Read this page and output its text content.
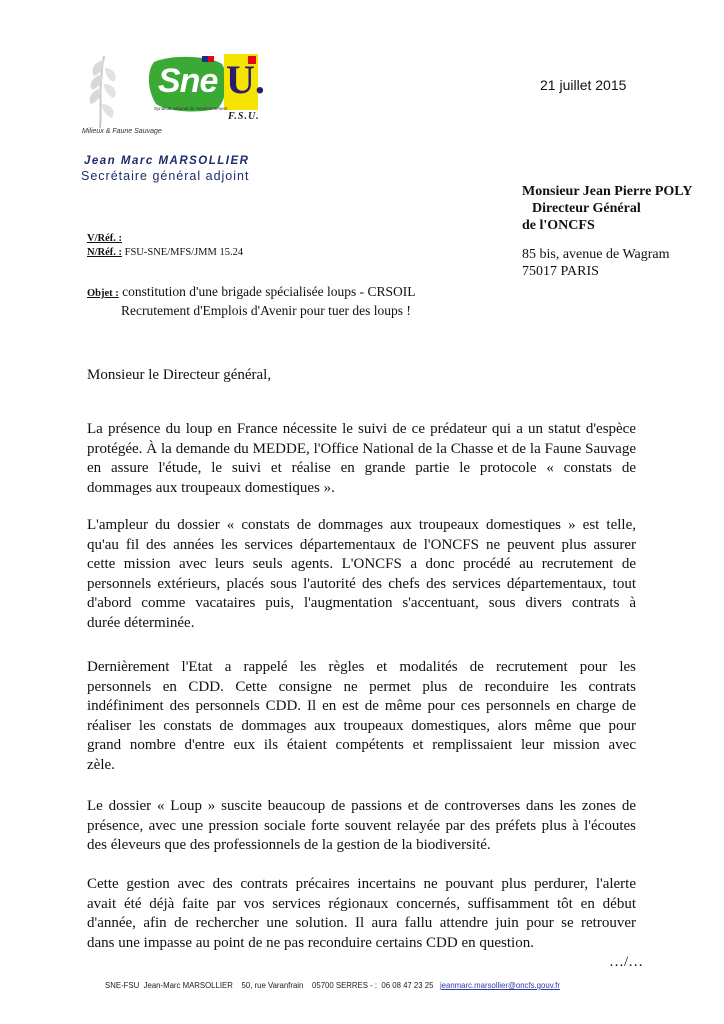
Sne U.
Syndicat national de l'environnement
F.S.U.
Milieux & Faune Sauvage
21 juillet 2015
Jean Marc MARSOLLIER
Secrétaire général adjoint
Monsieur Jean Pierre POLY
Directeur Général
de l'ONCFS
85 bis, avenue de Wagram
75017 PARIS
V/Réf. :
N/Réf. : FSU-SNE/MFS/JMM 15.24
Objet : constitution d'une brigade spécialisée loups - CRSOIL
Recrutement d'Emplois d'Avenir pour tuer des loups !
Monsieur le Directeur général,
La présence du loup en France nécessite le suivi de ce prédateur qui a un statut d'espèce
protégée. À la demande du MEDDE, l'Office National de la Chasse et de la Faune Sauvage
en assure l'étude, le suivi et réalise en grande partie le protocole « constats de
dommages aux troupeaux domestiques ».
L'ampleur du dossier « constats de dommages aux troupeaux domestiques » est telle,
qu'au fil des années les services départementaux de l'ONCFS ne peuvent plus assurer
cette mission avec leurs seuls agents. L'ONCFS a donc procédé au recrutement de
personnels extérieurs, placés sous l'autorité des chefs des services départementaux, tout
d'abord comme vacataires puis, l'augmentation s'accentuant, sous divers contrats à
durée déterminée.
Dernièrement l'Etat a rappelé les règles et modalités de recrutement pour les
personnels en CDD. Cette consigne ne permet plus de reconduire les contrats
indéfiniment des personnels CDD. Il en est de même pour ces personnels en charge de
réaliser les constats de dommages aux troupeaux domestiques, alors même que pour
grand nombre d'entre eux ils étaient compétents et remplissaient leur mission avec
zèle.
Le dossier « Loup » suscite beaucoup de passions et de controverses dans les zones de
présence, avec une pression sociale forte souvent relayée par des préfets plus à l'écoutes
des éleveurs que des professionnels de la gestion de la biodiversité.
Cette gestion avec des contrats précaires incertains ne pouvant plus perdurer, l'alerte
avait été déjà faite par vos services régionaux concernés, suffisamment tôt en début
d'année, afin de rechercher une solution. Il aura fallu attendre juin pour se retrouver
dans une impasse au point de ne pas reconduire certains CDD en question.
…/…
SNE-FSU Jean-Marc MARSOLLIER 50, rue Varanfrain 05700 SERRES - : 06 08 47 23 25 jeanmarc.marsollier@oncfs.gouv.fr
